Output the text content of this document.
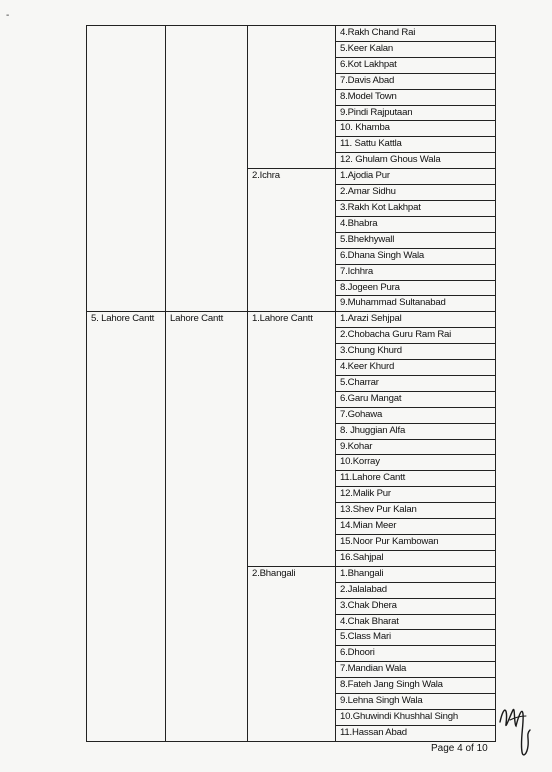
-
			4.Rakh Chand Rai
			5.Keer Kalan
			6.Kot Lakhpat
			7.Davis Abad
			8.Model Town
			9.Pindi Rajputaan
			10. Khamba
			11. Sattu Kattla
			12. Ghulam Ghous Wala
		2.Ichra	1.Ajodia Pur
			2.Amar Sidhu
			3.Rakh Kot Lakhpat
			4.Bhabra
			5.Bhekhywall
			6.Dhana Singh Wala
			7.Ichhra
			8.Jogeen Pura
			9.Muhammad Sultanabad
5. Lahore Cantt	Lahore Cantt	1.Lahore Cantt	1.Arazi Sehjpal
			2.Chobacha Guru Ram Rai
			3.Chung Khurd
			4.Keer Khurd
			5.Charrar
			6.Garu Mangat
			7.Gohawa
			8. Jhuggian Alfa
			9.Kohar
			10.Korray
			11.Lahore Cantt
			12.Malik Pur
			13.Shev Pur Kalan
			14.Mian Meer
			15.Noor Pur Kambowan
			16.Sahjpal
		2.Bhangali	1.Bhangali
			2.Jalalabad
			3.Chak Dhera
			4.Chak Bharat
			5.Class Mari
			6.Dhoori
			7.Mandian Wala
			8.Fateh Jang Singh Wala
			9.Lehna Singh Wala
			10.Ghuwindi Khushhal Singh
			11.Hassan Abad
Page 4 of 10
